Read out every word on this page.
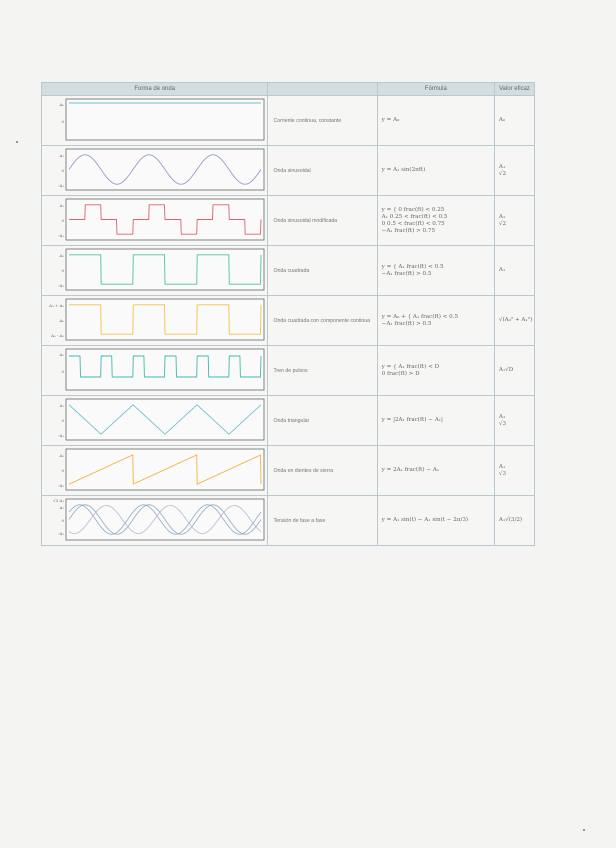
Forma de onda		Fórmula	Valor eficaz

A₀
0	Corriente continua, constante	y = A₀	A₀

A₁
0
-A₁	Onda sinusoidal	y = A₁ sin(2πft)	A₁
√2

A₁
0
-A₁	Onda sinusoidal modificada	y = { 0 frac(ft) < 0.25
A₁ 0.25 < frac(ft) < 0.5
0 0.5 < frac(ft) < 0.75
−A₁ frac(ft) > 0.75	A₁
√2

A₁
0
-A₁	Onda cuadrada	y = { A₁ frac(ft) < 0.5
−A₁ frac(ft) > 0.5	A₁

A₀ + A₁
A₀
A₀ - A₁	Onda cuadrada con componente continua	y = A₀ + { A₁ frac(ft) < 0.5
−A₁ frac(ft) > 0.5	√(A₀² + A₁²)

A₁
0	Tren de pulsos	y = { A₁ frac(ft) < D
0 frac(ft) > D	A₁√D

A₁
0
-A₁	Onda triangular	y = |2A₁ frac(ft) − A₁|	A₁
√3

A₁
0
-A₁	Onda en dientes de sierra	y = 2A₁ frac(ft) − A₁	A₁
√3

√3 A₁
A₁
0
-A₁	Tensión de fase a fase	y = A₁ sin(t) − A₁ sin(t − 2π/3)	A₁√(3/2)
